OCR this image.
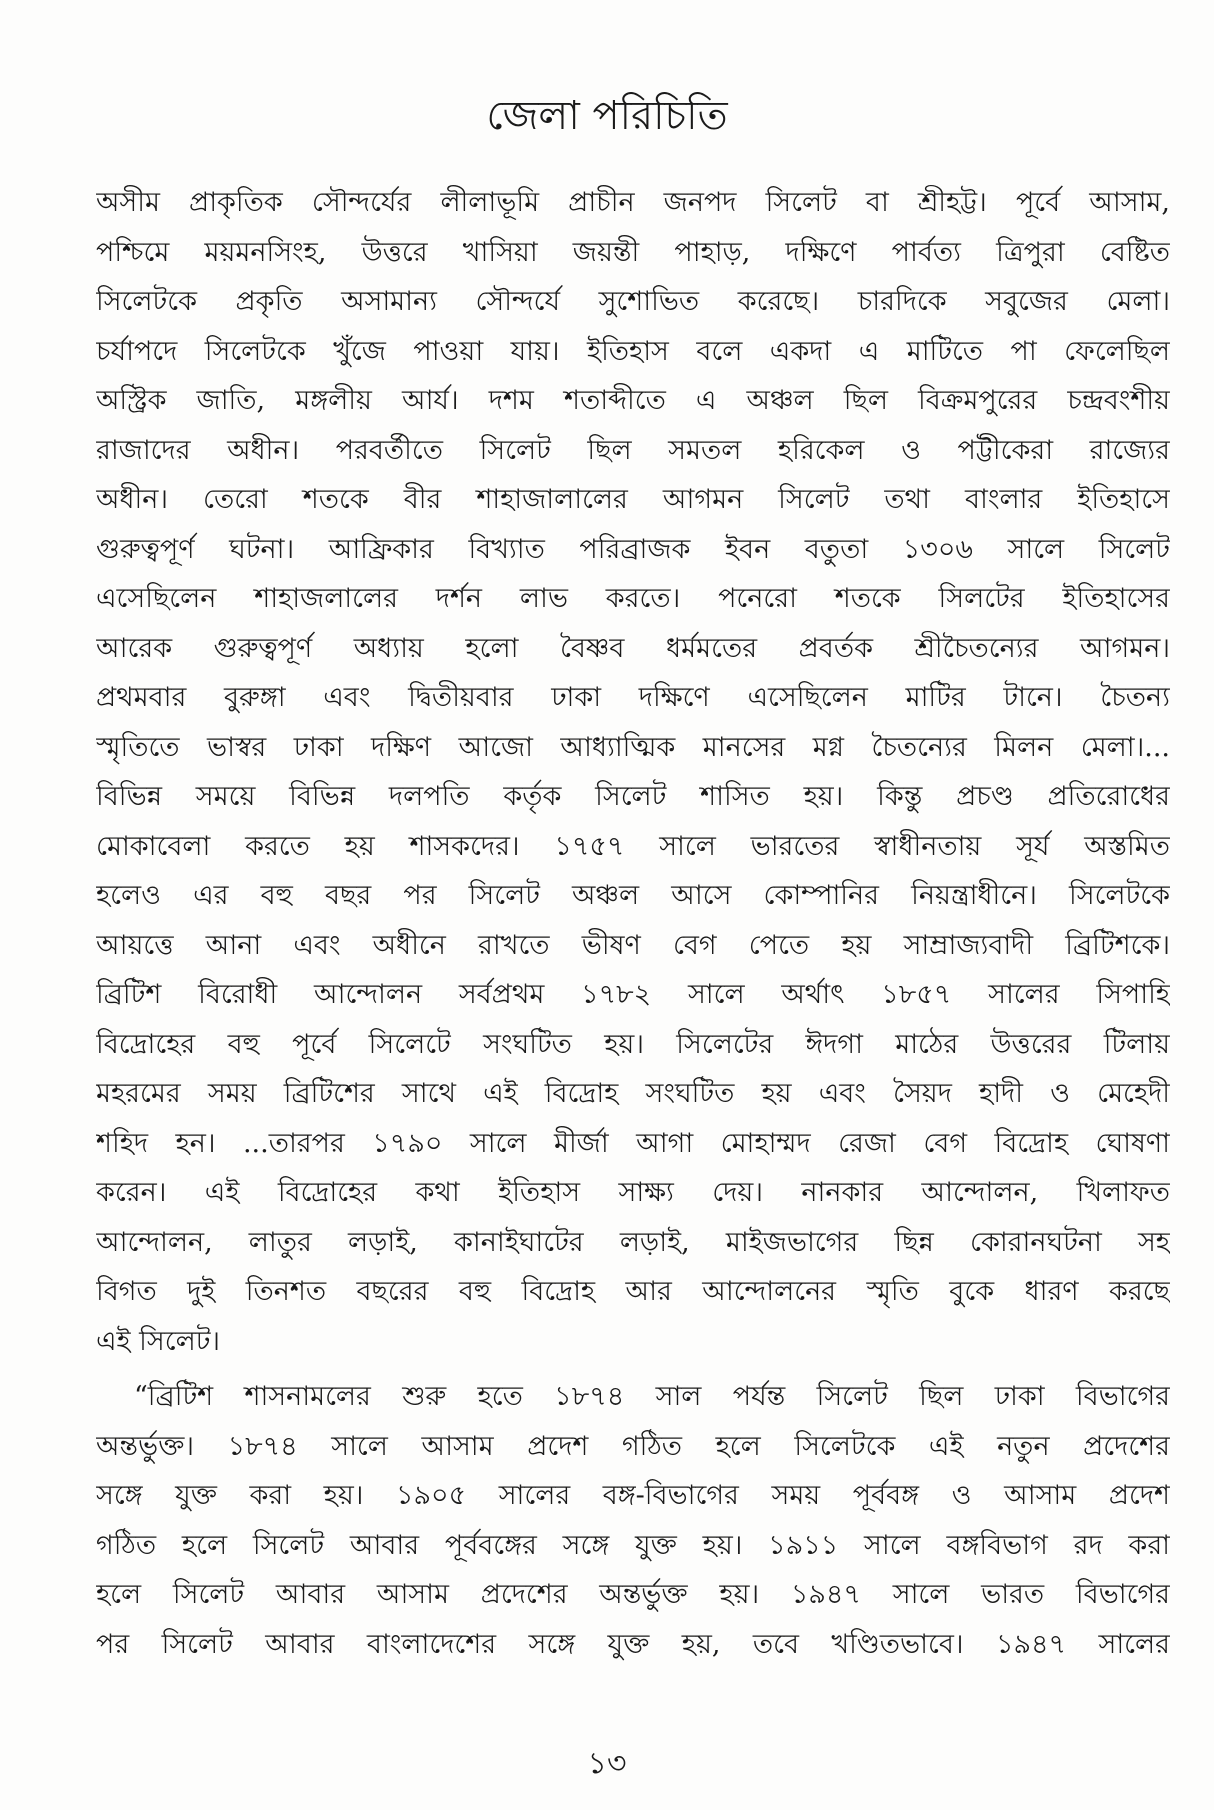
জেলা পরিচিতি
অসীম প্রাকৃতিক সৌন্দর্যের লীলাভূমি প্রাচীন জনপদ সিলেট বা শ্রীহট্ট। পূর্বে আসাম,
পশ্চিমে ময়মনসিংহ, উত্তরে খাসিয়া জয়ন্তী পাহাড়, দক্ষিণে পার্বত্য ত্রিপুরা বেষ্টিত
সিলেটকে প্রকৃতি অসামান্য সৌন্দর্যে সুশোভিত করেছে। চারদিকে সবুজের মেলা।
চর্যাপদে সিলেটকে খুঁজে পাওয়া যায়। ইতিহাস বলে একদা এ মাটিতে পা ফেলেছিল
অস্ট্রিক জাতি, মঙ্গলীয় আর্য। দশম শতাব্দীতে এ অঞ্চল ছিল বিক্রমপুরের চন্দ্রবংশীয়
রাজাদের অধীন। পরবর্তীতে সিলেট ছিল সমতল হরিকেল ও পট্টীকেরা রাজ্যের
অধীন। তেরো শতকে বীর শাহাজালালের আগমন সিলেট তথা বাংলার ইতিহাসে
গুরুত্বপূর্ণ ঘটনা। আফ্রিকার বিখ্যাত পরিব্রাজক ইবন বতুতা ১৩০৬ সালে সিলেট
এসেছিলেন শাহাজলালের দর্শন লাভ করতে। পনেরো শতকে সিলটের ইতিহাসের
আরেক গুরুত্বপূর্ণ অধ্যায় হলো বৈষ্ণব ধর্মমতের প্রবর্তক শ্রীচৈতন্যের আগমন।
প্রথমবার বুরুঙ্গা এবং দ্বিতীয়বার ঢাকা দক্ষিণে এসেছিলেন মাটির টানে। চৈতন্য
স্মৃতিতে ভাস্বর ঢাকা দক্ষিণ আজো আধ্যাত্মিক মানসের মগ্ন চৈতন্যের মিলন মেলা।...
বিভিন্ন সময়ে বিভিন্ন দলপতি কর্তৃক সিলেট শাসিত হয়। কিন্তু প্রচণ্ড প্রতিরোধের
মোকাবেলা করতে হয় শাসকদের। ১৭৫৭ সালে ভারতের স্বাধীনতায় সূর্য অস্তমিত
হলেও এর বহু বছর পর সিলেট অঞ্চল আসে কোম্পানির নিয়ন্ত্রাধীনে। সিলেটকে
আয়ত্তে আনা এবং অধীনে রাখতে ভীষণ বেগ পেতে হয় সাম্রাজ্যবাদী ব্রিটিশকে।
ব্রিটিশ বিরোধী আন্দোলন সর্বপ্রথম ১৭৮২ সালে অর্থাৎ ১৮৫৭ সালের সিপাহি
বিদ্রোহের বহু পূর্বে সিলেটে সংঘটিত হয়। সিলেটের ঈদগা মাঠের উত্তরের টিলায়
মহরমের সময় ব্রিটিশের সাথে এই বিদ্রোহ সংঘটিত হয় এবং সৈয়দ হাদী ও মেহেদী
শহিদ হন। ...তারপর ১৭৯০ সালে মীর্জা আগা মোহাম্মদ রেজা বেগ বিদ্রোহ ঘোষণা
করেন। এই বিদ্রোহের কথা ইতিহাস সাক্ষ্য দেয়। নানকার আন্দোলন, খিলাফত
আন্দোলন, লাতুর লড়াই, কানাইঘাটের লড়াই, মাইজভাগের ছিন্ন কোরানঘটনা সহ
বিগত দুই তিনশত বছরের বহু বিদ্রোহ আর আন্দোলনের স্মৃতি বুকে ধারণ করছে
এই সিলেট।
“ব্রিটিশ শাসনামলের শুরু হতে ১৮৭৪ সাল পর্যন্ত সিলেট ছিল ঢাকা বিভাগের
অন্তর্ভুক্ত। ১৮৭৪ সালে আসাম প্রদেশ গঠিত হলে সিলেটকে এই নতুন প্রদেশের
সঙ্গে যুক্ত করা হয়। ১৯০৫ সালের বঙ্গ-বিভাগের সময় পূর্ববঙ্গ ও আসাম প্রদেশ
গঠিত হলে সিলেট আবার পূর্ববঙ্গের সঙ্গে যুক্ত হয়। ১৯১১ সালে বঙ্গবিভাগ রদ করা
হলে সিলেট আবার আসাম প্রদেশের অন্তর্ভুক্ত হয়। ১৯৪৭ সালে ভারত বিভাগের
পর সিলেট আবার বাংলাদেশের সঙ্গে যুক্ত হয়, তবে খণ্ডিতভাবে। ১৯৪৭ সালের
১৩
